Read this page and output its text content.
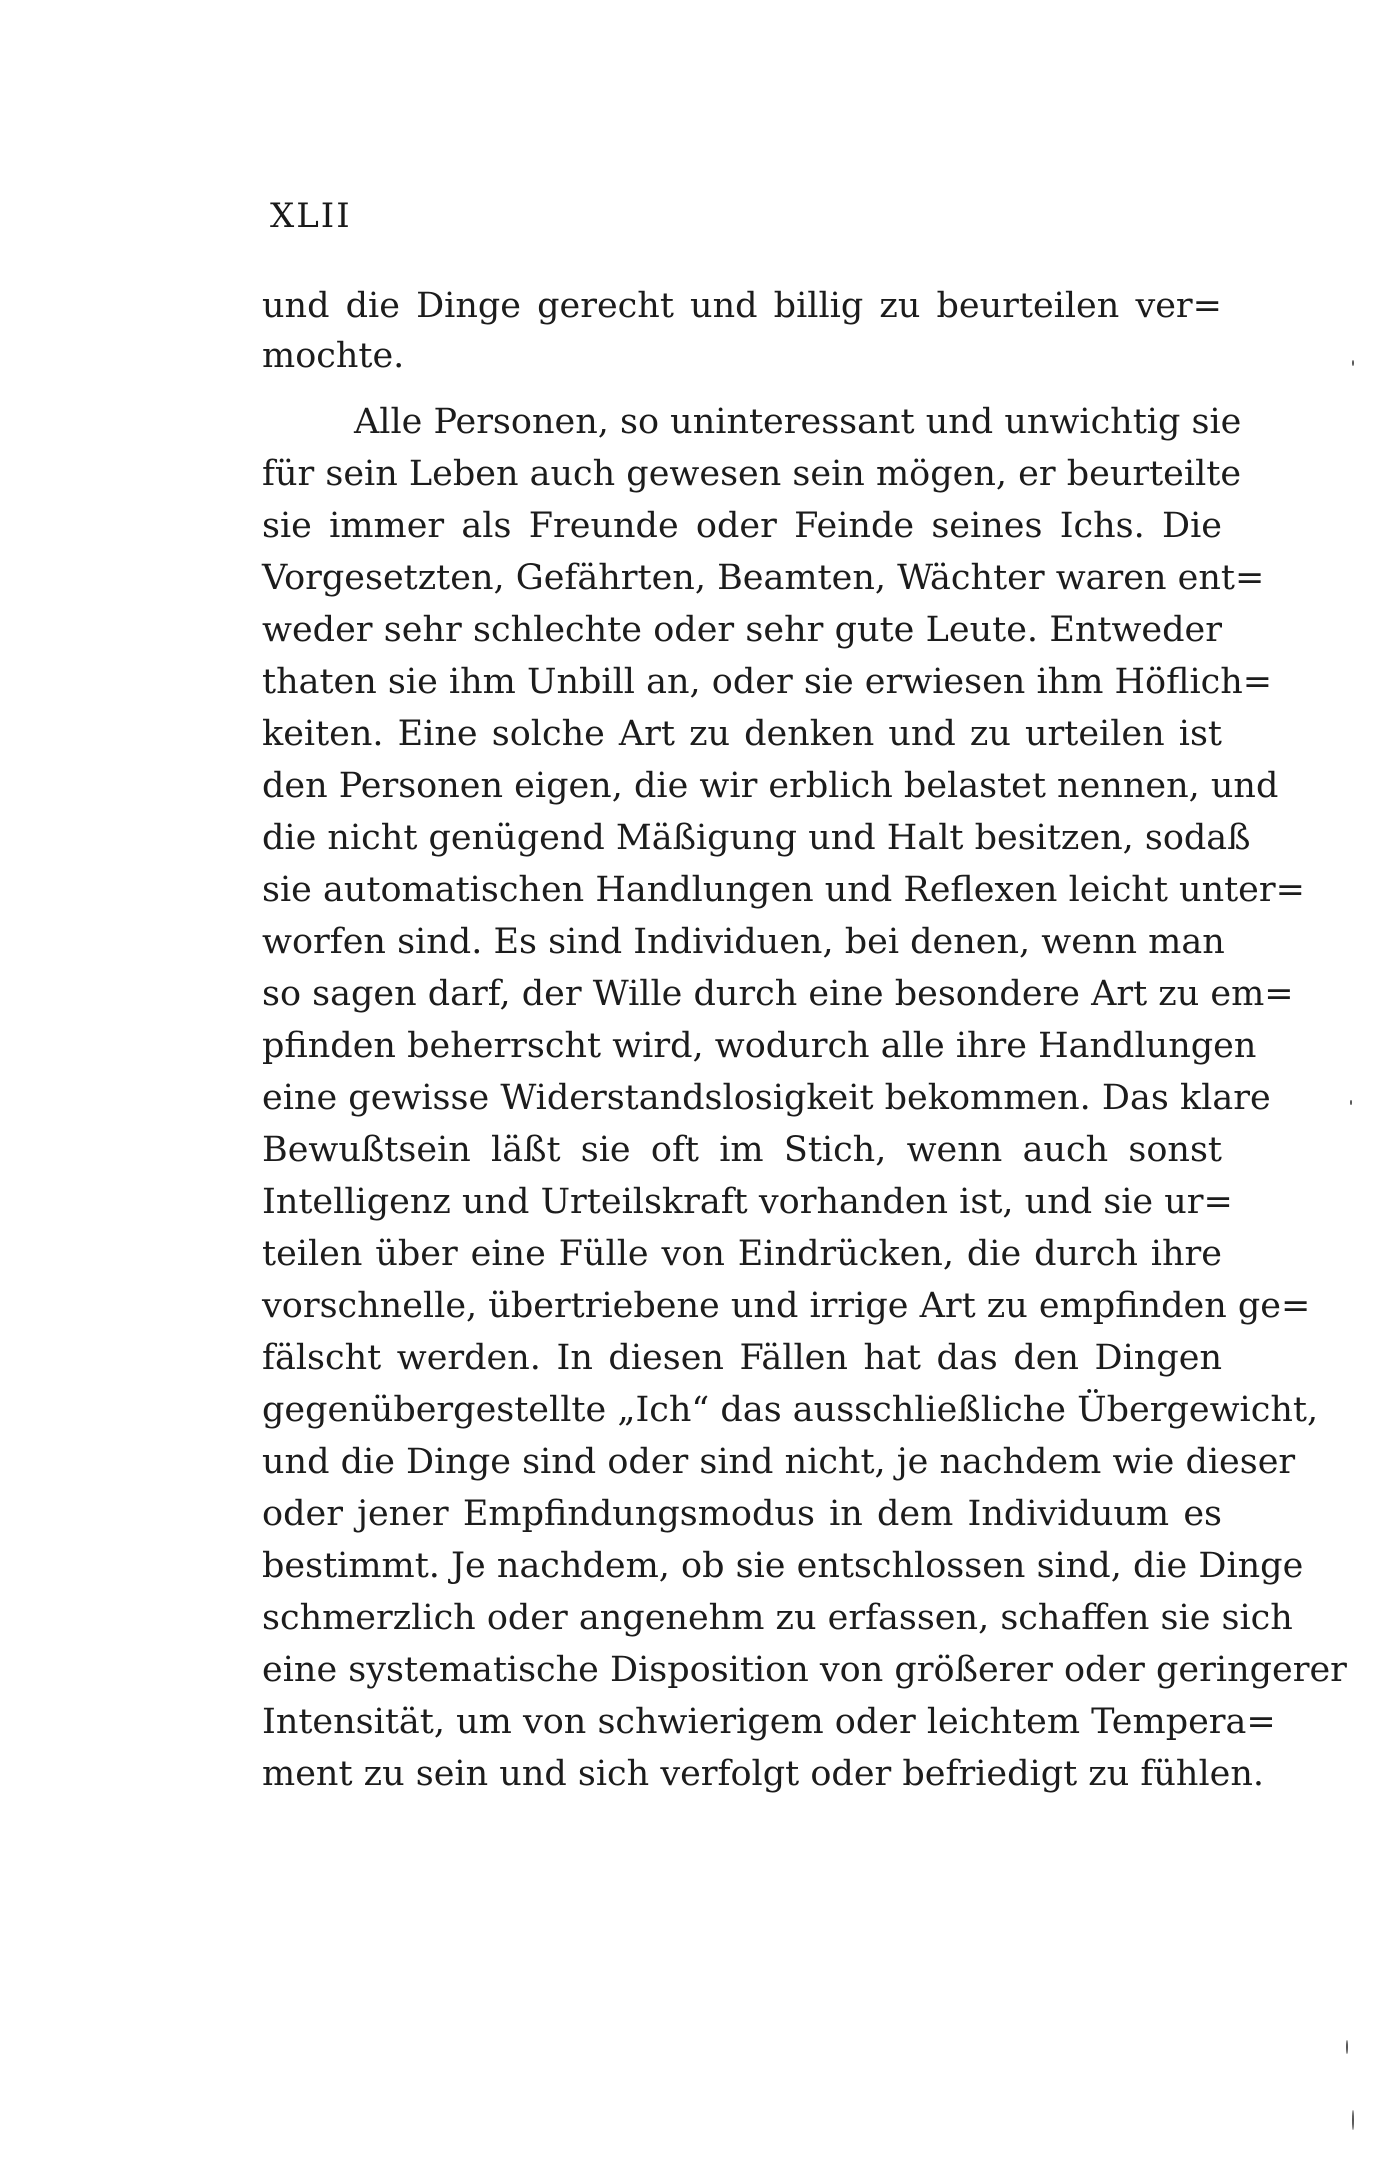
XLII
und die Dinge gerecht und billig zu beurteilen ver=
mochte.
Alle Personen, so uninteressant und unwichtig sie
für sein Leben auch gewesen sein mögen, er beurteilte
sie immer als Freunde oder Feinde seines Ichs. Die
Vorgesetzten, Gefährten, Beamten, Wächter waren ent=
weder sehr schlechte oder sehr gute Leute. Entweder
thaten sie ihm Unbill an, oder sie erwiesen ihm Höflich=
keiten. Eine solche Art zu denken und zu urteilen ist
den Personen eigen, die wir erblich belastet nennen, und
die nicht genügend Mäßigung und Halt besitzen, sodaß
sie automatischen Handlungen und Reflexen leicht unter=
worfen sind. Es sind Individuen, bei denen, wenn man
so sagen darf, der Wille durch eine besondere Art zu em=
pfinden beherrscht wird, wodurch alle ihre Handlungen
eine gewisse Widerstandslosigkeit bekommen. Das klare
Bewußtsein läßt sie oft im Stich, wenn auch sonst
Intelligenz und Urteilskraft vorhanden ist, und sie ur=
teilen über eine Fülle von Eindrücken, die durch ihre
vorschnelle, übertriebene und irrige Art zu empfinden ge=
fälscht werden. In diesen Fällen hat das den Dingen
gegenübergestellte „Ich“ das ausschließliche Übergewicht,
und die Dinge sind oder sind nicht, je nachdem wie dieser
oder jener Empfindungsmodus in dem Individuum es
bestimmt. Je nachdem, ob sie entschlossen sind, die Dinge
schmerzlich oder angenehm zu erfassen, schaffen sie sich
eine systematische Disposition von größerer oder geringerer
Intensität, um von schwierigem oder leichtem Tempera=
ment zu sein und sich verfolgt oder befriedigt zu fühlen.
